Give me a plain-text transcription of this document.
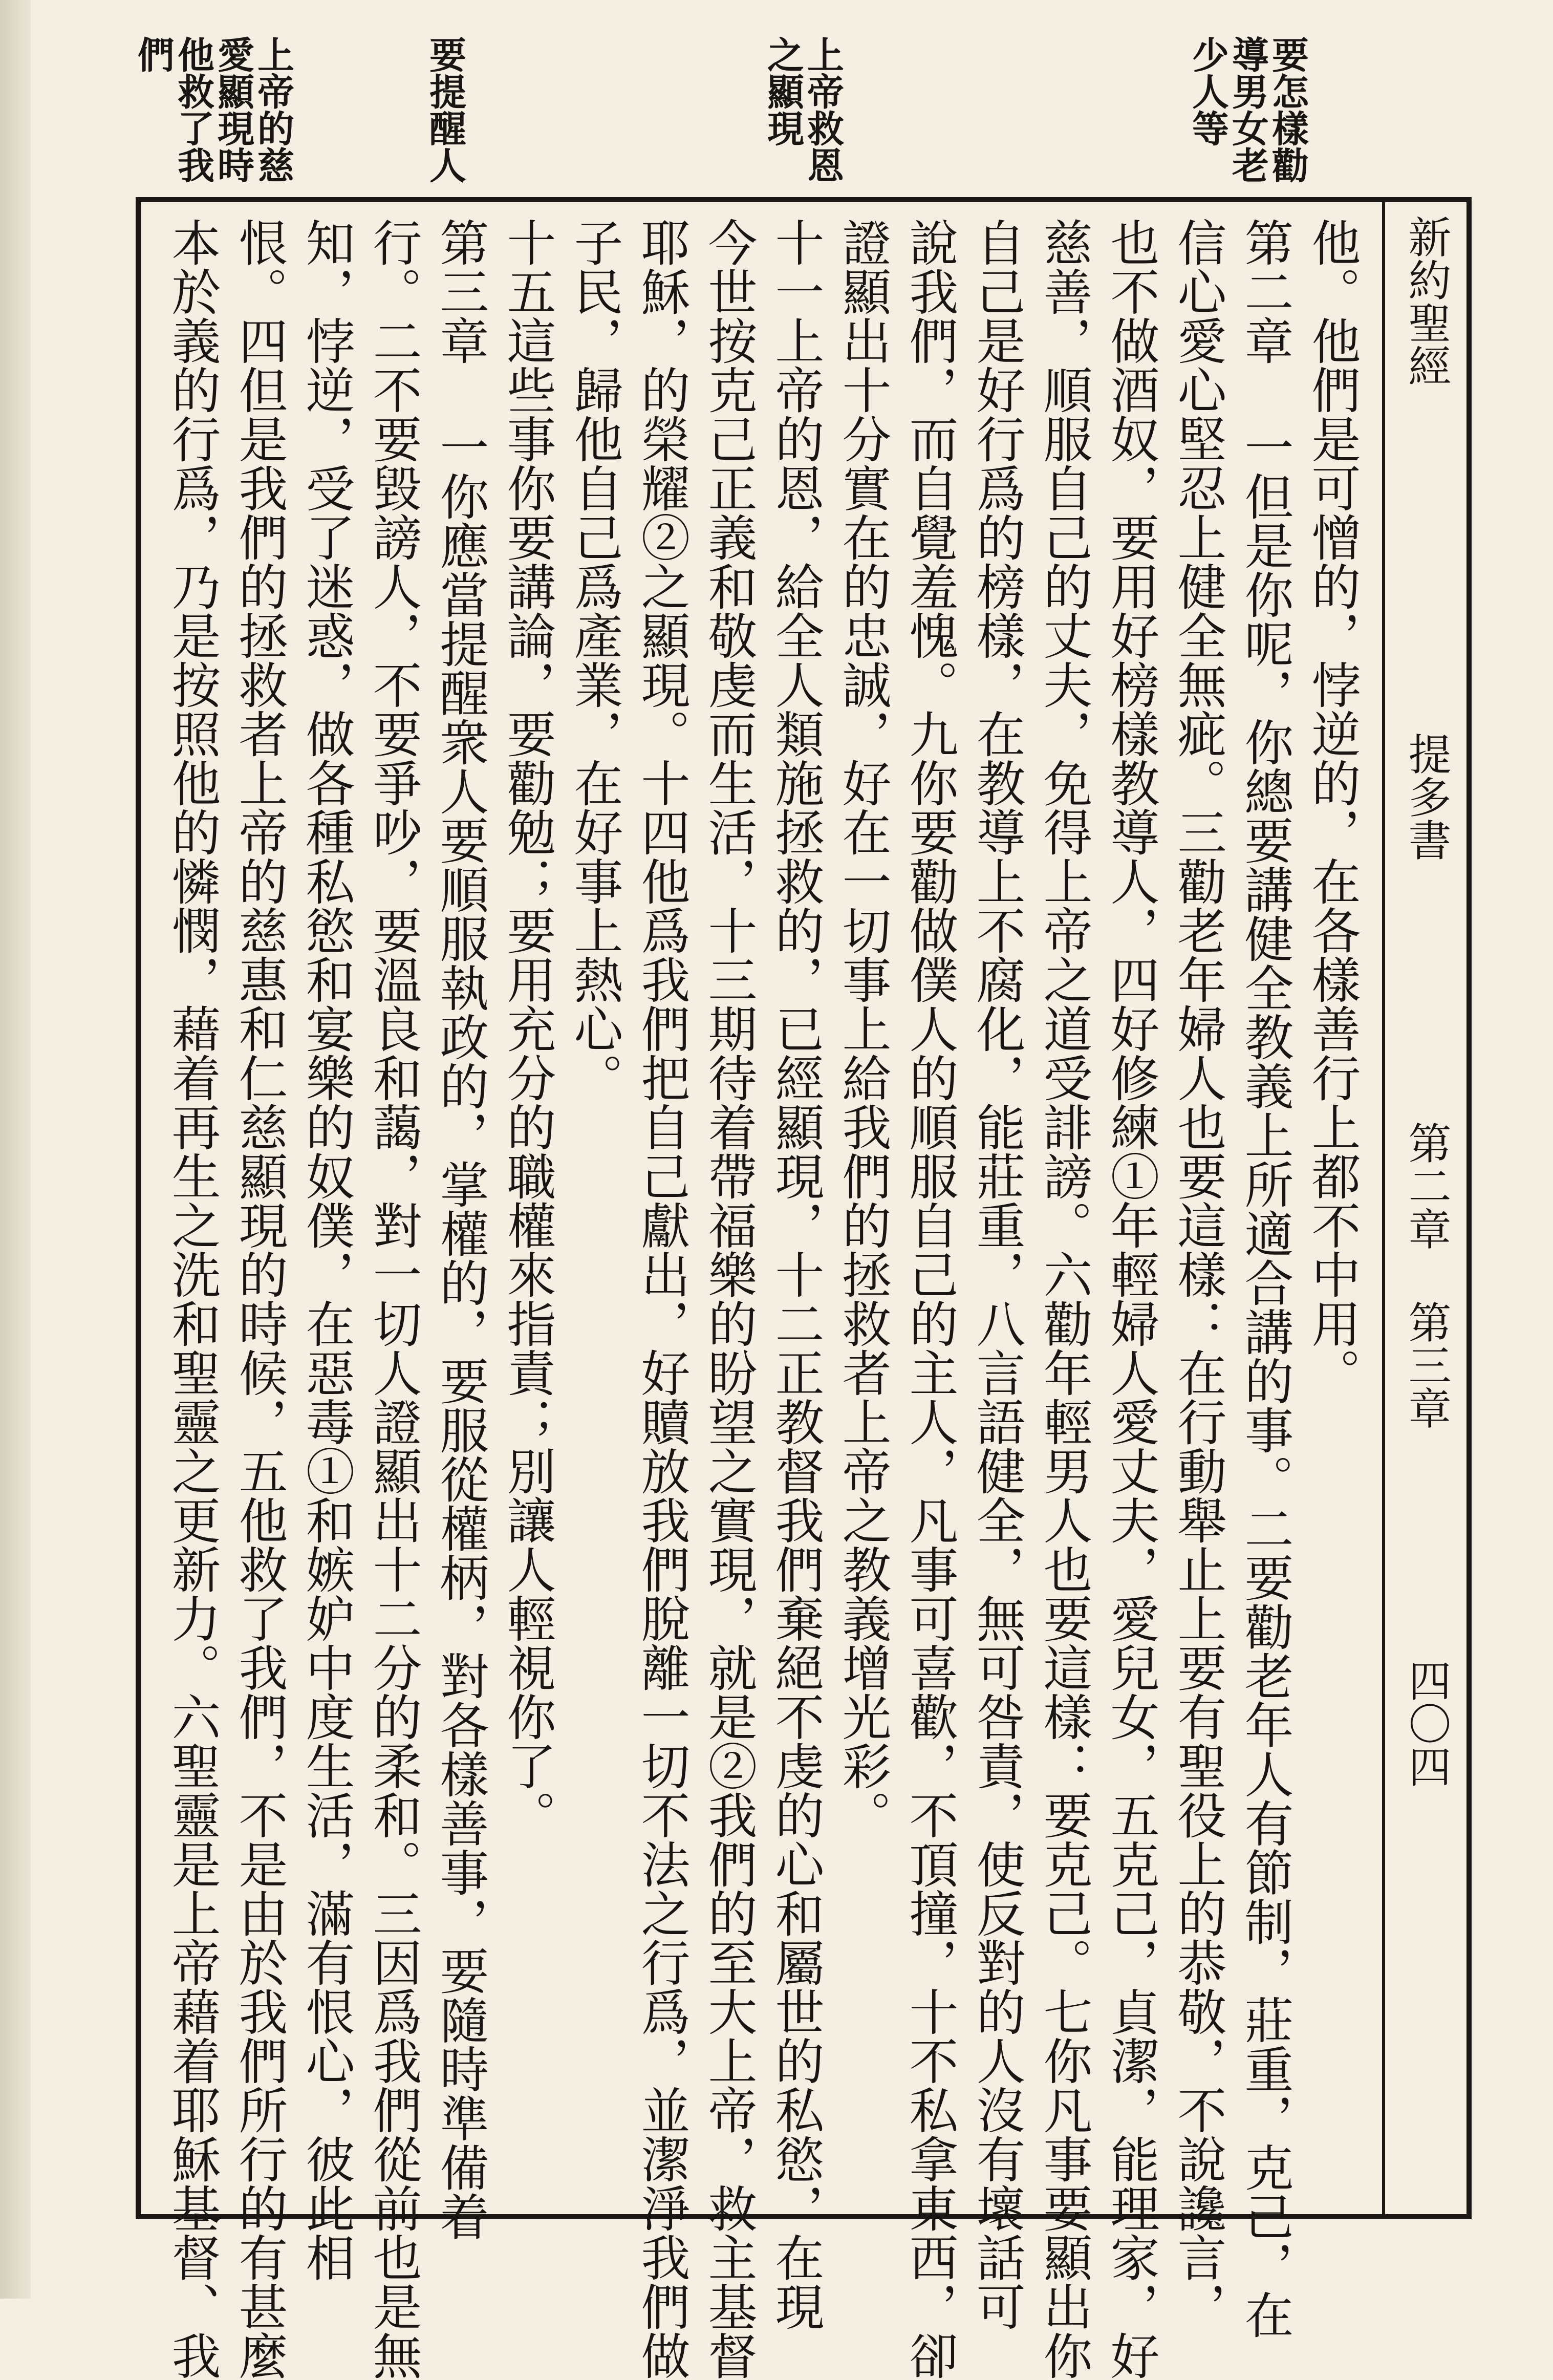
要怎樣勸導男女老少人等
要提醒人	上帝救恩之顯現
上帝的慈愛顯現時他救了我們
新約聖經
提多書
第二章 第三章
四〇四
他。他們是可憎的，悖逆的，在各樣善行上都不中用。
第二章 一但是你呢，你總要講健全教義上所適合講的事。二要勸老年人有節制，莊重，克己，在
信心愛心堅忍上健全無疵。三勸老年婦人也要這樣：在行動舉止上要有聖役上的恭敬，不說讒言，
也不做酒奴，要用好榜樣教導人，四好修練①年輕婦人愛丈夫，愛兒女，五克己，貞潔，能理家，好
慈善，順服自己的丈夫，免得上帝之道受誹謗。六勸年輕男人也要這樣：要克己。七你凡事要顯出你
自己是好行爲的榜樣，在教導上不腐化，能莊重，八言語健全，無可咎責，使反對的人沒有壞話可
說我們，而自覺羞愧。九你要勸做僕人的順服自己的主人，凡事可喜歡，不頂撞，十不私拿東西，卻
證顯出十分實在的忠誠，好在一切事上給我們的拯救者上帝之教義增光彩。
十一上帝的恩，給全人類施拯救的，已經顯現，十二正教督我們棄絕不虔的心和屬世的私慾，在現
今世按克己正義和敬虔而生活，十三期待着帶福樂的盼望之實現，就是②我們的至大上帝，救主基督
耶穌，的榮耀②之顯現。十四他爲我們把自己獻出，好贖放我們脫離一切不法之行爲，並潔淨我們做
子民，歸他自己爲產業，在好事上熱心。
十五這些事你要講論，要勸勉；要用充分的職權來指責；別讓人輕視你了。
第三章 一你應當提醒衆人要順服執政的，掌權的，要服從權柄，對各樣善事，要隨時準備着
行。二不要毀謗人，不要爭吵，要溫良和藹，對一切人證顯出十二分的柔和。三因爲我們從前也是無
知，悖逆，受了迷惑，做各種私慾和宴樂的奴僕，在惡毒①和嫉妒中度生活，滿有恨心，彼此相
恨。四但是我們的拯救者上帝的慈惠和仁慈顯現的時候，五他救了我們，不是由於我們所行的有甚麼
本於義的行爲，乃是按照他的憐憫，藉着再生之洗和聖靈之更新力。六聖靈是上帝藉着耶穌基督、我
